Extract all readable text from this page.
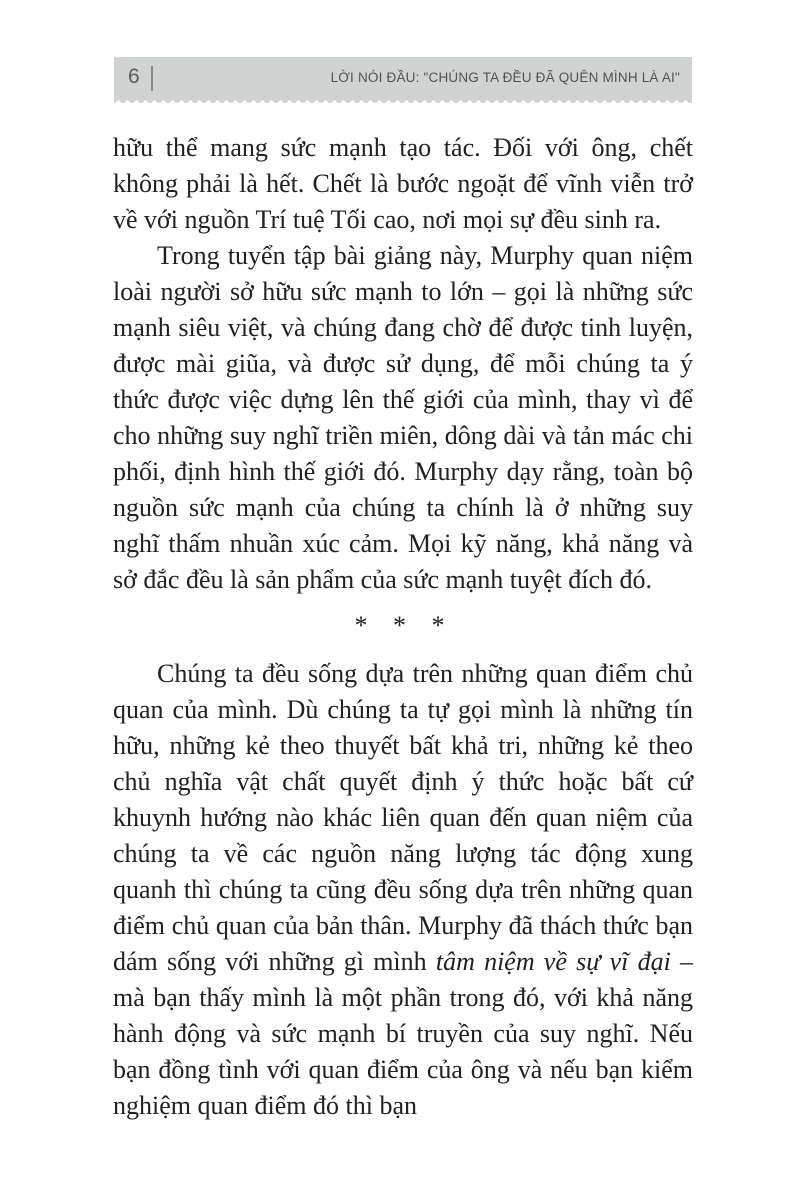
6	LỜI NÓI ĐẦU: "CHÚNG TA ĐỀU ĐÃ QUÊN MÌNH LÀ AI"

hữu thể mang sức mạnh tạo tác. Đối với ông, chết không phải là hết. Chết là bước ngoặt để vĩnh viễn trở về với nguồn Trí tuệ Tối cao, nơi mọi sự đều sinh ra.

Trong tuyển tập bài giảng này, Murphy quan niệm loài người sở hữu sức mạnh to lớn – gọi là những sức mạnh siêu việt, và chúng đang chờ để được tinh luyện, được mài giũa, và được sử dụng, để mỗi chúng ta ý thức được việc dựng lên thế giới của mình, thay vì để cho những suy nghĩ triền miên, dông dài và tản mác chi phối, định hình thế giới đó. Murphy dạy rằng, toàn bộ nguồn sức mạnh của chúng ta chính là ở những suy nghĩ thấm nhuần xúc cảm. Mọi kỹ năng, khả năng và sở đắc đều là sản phẩm của sức mạnh tuyệt đích đó.

* * *

Chúng ta đều sống dựa trên những quan điểm chủ quan của mình. Dù chúng ta tự gọi mình là những tín hữu, những kẻ theo thuyết bất khả tri, những kẻ theo chủ nghĩa vật chất quyết định ý thức hoặc bất cứ khuynh hướng nào khác liên quan đến quan niệm của chúng ta về các nguồn năng lượng tác động xung quanh thì chúng ta cũng đều sống dựa trên những quan điểm chủ quan của bản thân. Murphy đã thách thức bạn dám sống với những gì mình tâm niệm về sự vĩ đại – mà bạn thấy mình là một phần trong đó, với khả năng hành động và sức mạnh bí truyền của suy nghĩ. Nếu bạn đồng tình với quan điểm của ông và nếu bạn kiểm nghiệm quan điểm đó thì bạn
